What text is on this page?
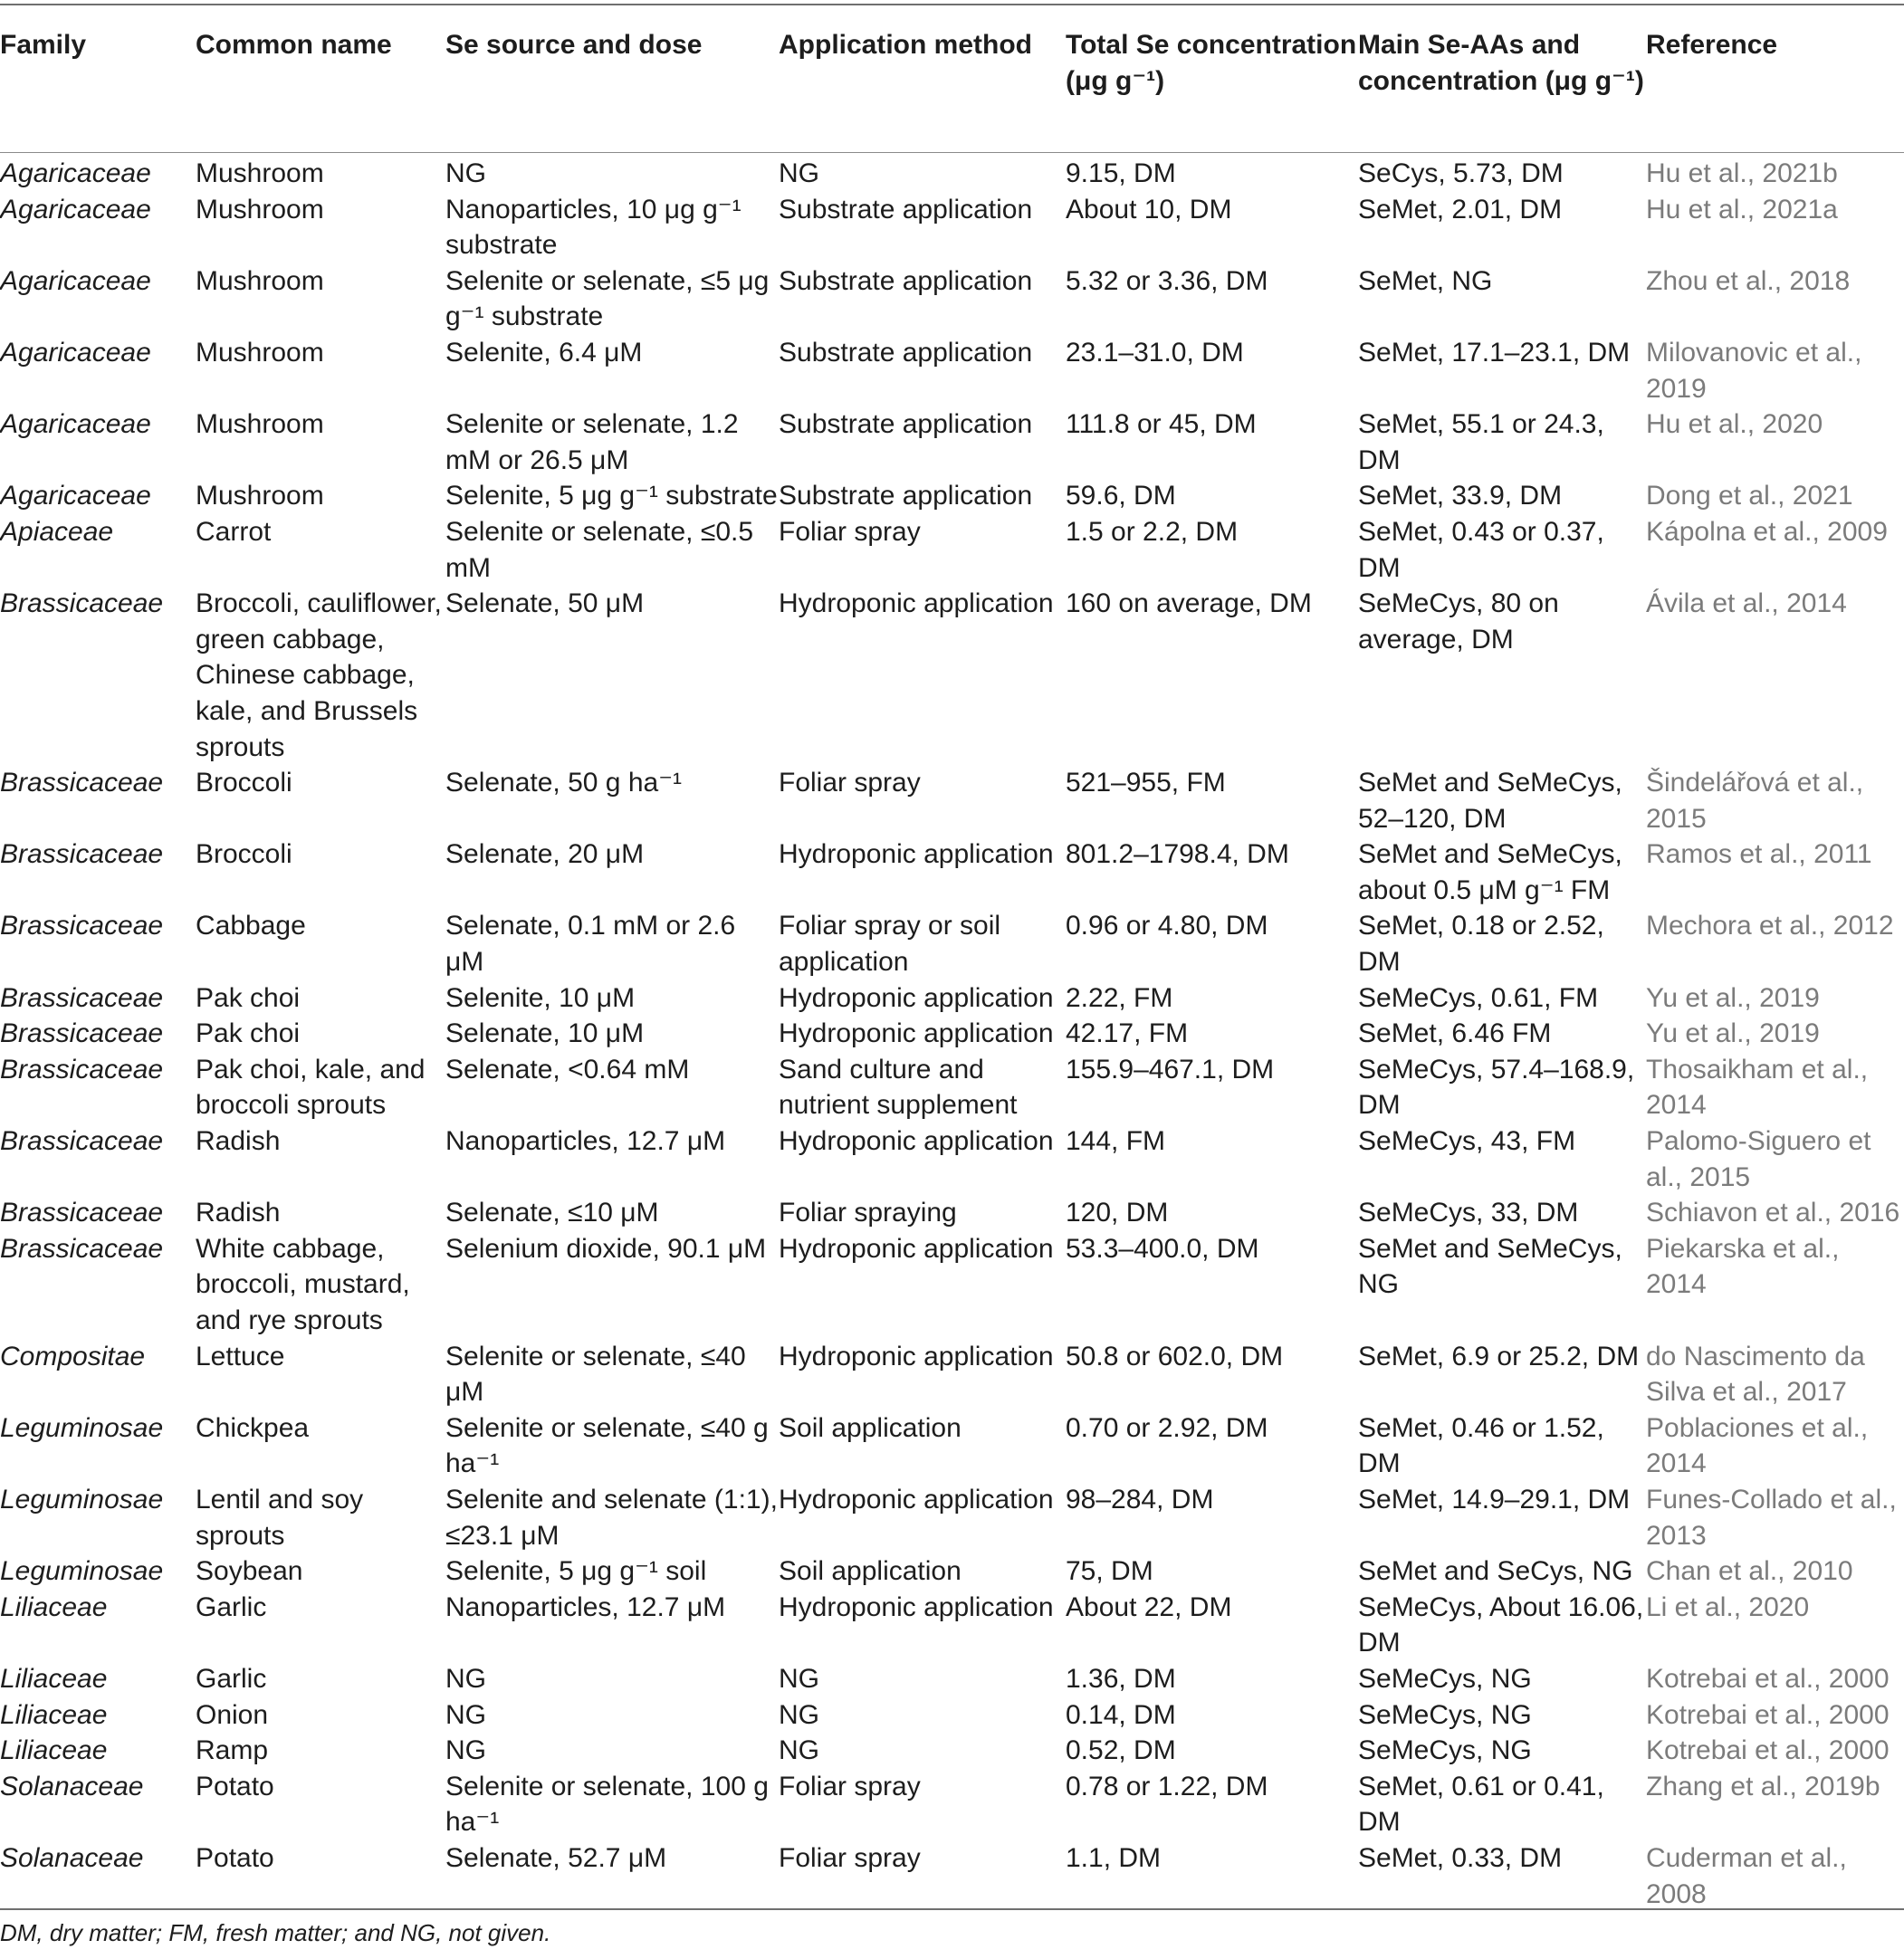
Family	Common name	Se source and dose	Application method	Total Se concentration (μg g⁻¹)	Main Se-AAs and concentration (μg g⁻¹)	Reference
Agaricaceae	Mushroom	NG	NG	9.15, DM	SeCys, 5.73, DM	Hu et al., 2021b
Agaricaceae	Mushroom	Nanoparticles, 10 μg g⁻¹ substrate	Substrate application	About 10, DM	SeMet, 2.01, DM	Hu et al., 2021a
Agaricaceae	Mushroom	Selenite or selenate, ≤5 μg g⁻¹ substrate	Substrate application	5.32 or 3.36, DM	SeMet, NG	Zhou et al., 2018
Agaricaceae	Mushroom	Selenite, 6.4 μM	Substrate application	23.1–31.0, DM	SeMet, 17.1–23.1, DM	Milovanovic et al., 2019
Agaricaceae	Mushroom	Selenite or selenate, 1.2 mM or 26.5 μM	Substrate application	111.8 or 45, DM	SeMet, 55.1 or 24.3, DM	Hu et al., 2020
Agaricaceae	Mushroom	Selenite, 5 μg g⁻¹ substrate	Substrate application	59.6, DM	SeMet, 33.9, DM	Dong et al., 2021
Apiaceae	Carrot	Selenite or selenate, ≤0.5 mM	Foliar spray	1.5 or 2.2, DM	SeMet, 0.43 or 0.37, DM	Kápolna et al., 2009
Brassicaceae	Broccoli, cauliflower, green cabbage, Chinese cabbage, kale, and Brussels sprouts	Selenate, 50 μM	Hydroponic application	160 on average, DM	SeMeCys, 80 on average, DM	Ávila et al., 2014
Brassicaceae	Broccoli	Selenate, 50 g ha⁻¹	Foliar spray	521–955, FM	SeMet and SeMeCys, 52–120, DM	Šindelářová et al., 2015
Brassicaceae	Broccoli	Selenate, 20 μM	Hydroponic application	801.2–1798.4, DM	SeMet and SeMeCys, about 0.5 μM g⁻¹ FM	Ramos et al., 2011
Brassicaceae	Cabbage	Selenate, 0.1 mM or 2.6 μM	Foliar spray or soil application	0.96 or 4.80, DM	SeMet, 0.18 or 2.52, DM	Mechora et al., 2012
Brassicaceae	Pak choi	Selenite, 10 μM	Hydroponic application	2.22, FM	SeMeCys, 0.61, FM	Yu et al., 2019
Brassicaceae	Pak choi	Selenate, 10 μM	Hydroponic application	42.17, FM	SeMet, 6.46 FM	Yu et al., 2019
Brassicaceae	Pak choi, kale, and broccoli sprouts	Selenate, <0.64 mM	Sand culture and nutrient supplement	155.9–467.1, DM	SeMeCys, 57.4–168.9, DM	Thosaikham et al., 2014
Brassicaceae	Radish	Nanoparticles, 12.7 μM	Hydroponic application	144, FM	SeMeCys, 43, FM	Palomo-Siguero et al., 2015
Brassicaceae	Radish	Selenate, ≤10 μM	Foliar spraying	120, DM	SeMeCys, 33, DM	Schiavon et al., 2016
Brassicaceae	White cabbage, broccoli, mustard, and rye sprouts	Selenium dioxide, 90.1 μM	Hydroponic application	53.3–400.0, DM	SeMet and SeMeCys, NG	Piekarska et al., 2014
Compositae	Lettuce	Selenite or selenate, ≤40 μM	Hydroponic application	50.8 or 602.0, DM	SeMet, 6.9 or 25.2, DM	do Nascimento da Silva et al., 2017
Leguminosae	Chickpea	Selenite or selenate, ≤40 g ha⁻¹	Soil application	0.70 or 2.92, DM	SeMet, 0.46 or 1.52, DM	Poblaciones et al., 2014
Leguminosae	Lentil and soy sprouts	Selenite and selenate (1:1), ≤23.1 μM	Hydroponic application	98–284, DM	SeMet, 14.9–29.1, DM	Funes-Collado et al., 2013
Leguminosae	Soybean	Selenite, 5 μg g⁻¹ soil	Soil application	75, DM	SeMet and SeCys, NG	Chan et al., 2010
Liliaceae	Garlic	Nanoparticles, 12.7 μM	Hydroponic application	About 22, DM	SeMeCys, About 16.06, DM	Li et al., 2020
Liliaceae	Garlic	NG	NG	1.36, DM	SeMeCys, NG	Kotrebai et al., 2000
Liliaceae	Onion	NG	NG	0.14, DM	SeMeCys, NG	Kotrebai et al., 2000
Liliaceae	Ramp	NG	NG	0.52, DM	SeMeCys, NG	Kotrebai et al., 2000
Solanaceae	Potato	Selenite or selenate, 100 g ha⁻¹	Foliar spray	0.78 or 1.22, DM	SeMet, 0.61 or 0.41, DM	Zhang et al., 2019b
Solanaceae	Potato	Selenate, 52.7 μM	Foliar spray	1.1, DM	SeMet, 0.33, DM	Cuderman et al., 2008
DM, dry matter; FM, fresh matter; and NG, not given.
